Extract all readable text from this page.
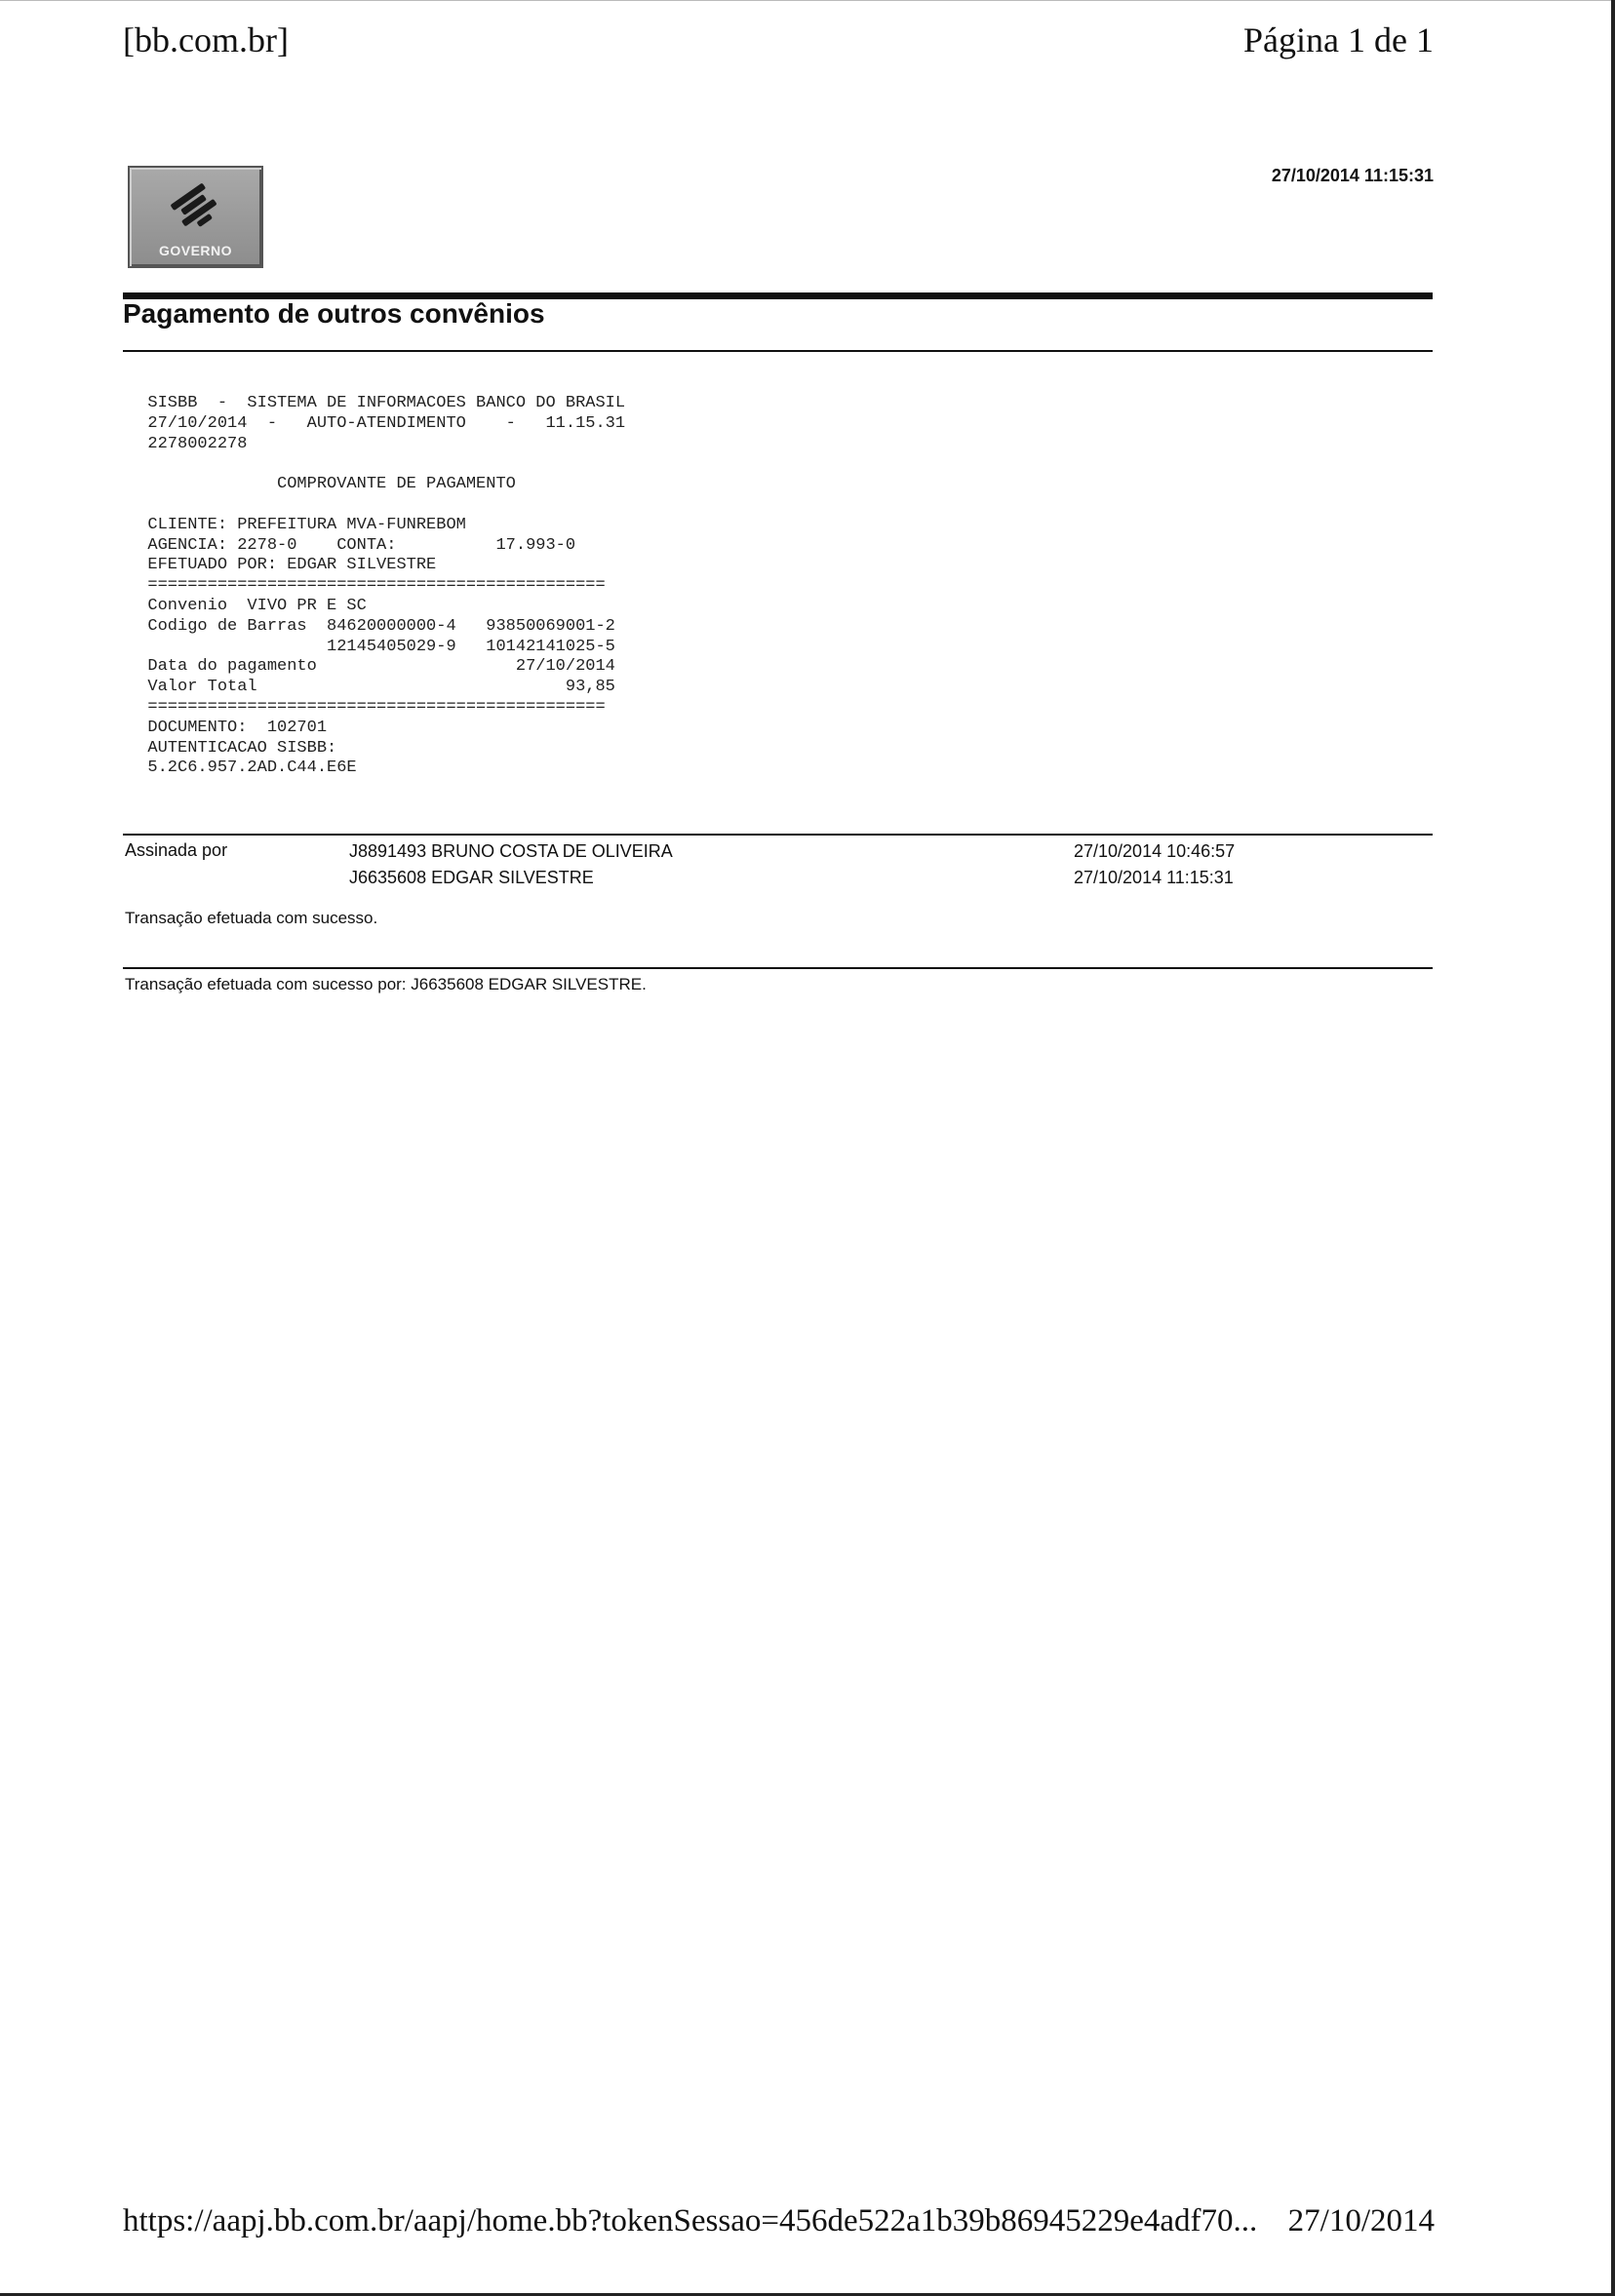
[bb.com.br]	Página 1 de 1
27/10/2014 11:15:31
GOVERNO
Pagamento de outros convênios
SISBB  -  SISTEMA DE INFORMACOES BANCO DO BRASIL
27/10/2014  -   AUTO-ATENDIMENTO    -   11.15.31
2278002278

COMPROVANTE DE PAGAMENTO

CLIENTE: PREFEITURA MVA-FUNREBOM
AGENCIA: 2278-0    CONTA:          17.993-0
EFETUADO POR: EDGAR SILVESTRE
==============================================
Convenio  VIVO PR E SC
Codigo de Barras  84620000000-4   93850069001-2
12145405029-9   10142141025-5
Data do pagamento                    27/10/2014
Valor Total                               93,85
==============================================
DOCUMENTO:  102701
AUTENTICACAO SISBB:
5.2C6.957.2AD.C44.E6E
Assinada por	J8891493 BRUNO COSTA DE OLIVEIRA	27/10/2014 10:46:57
J6635608 EDGAR SILVESTRE	27/10/2014 11:15:31
Transação efetuada com sucesso.
Transação efetuada com sucesso por: J6635608 EDGAR SILVESTRE.
https://aapj.bb.com.br/aapj/home.bb?tokenSessao=456de522a1b39b86945229e4adf70... 27/10/2014
